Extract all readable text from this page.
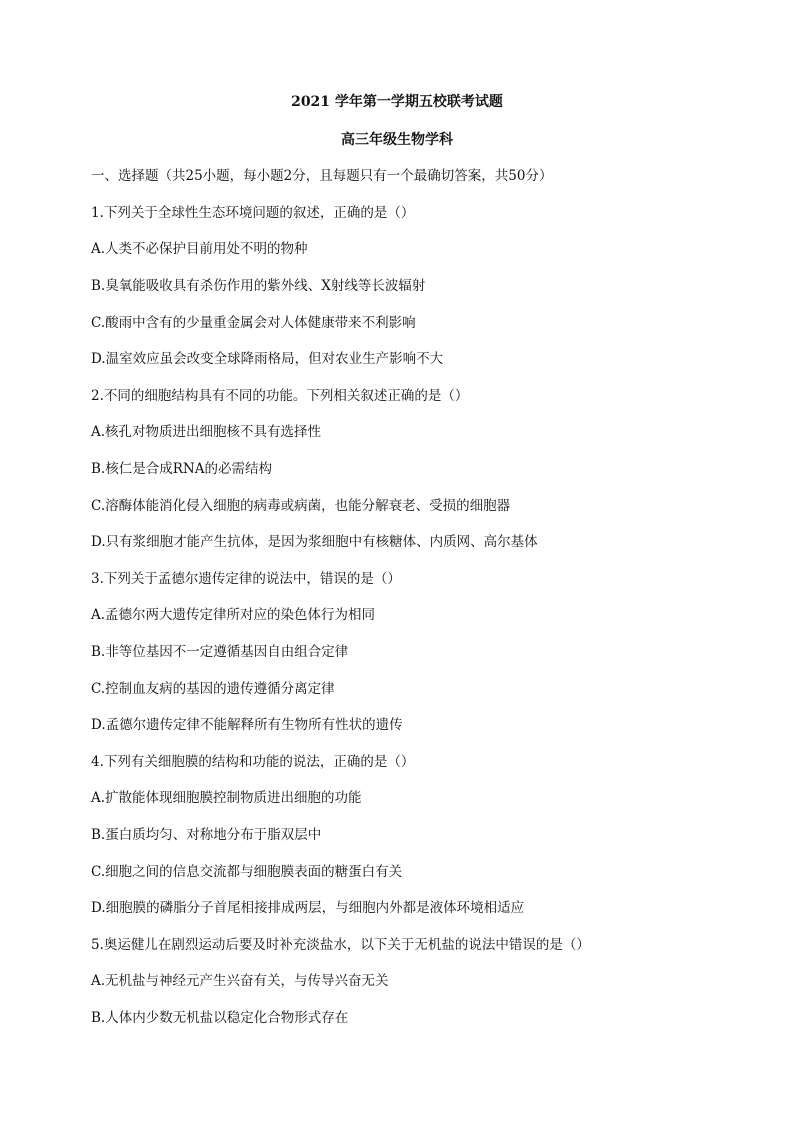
2021 学年第一学期五校联考试题
高三年级生物学科
一、选择题（共25小题，每小题2分，且每题只有一个最确切答案，共50分）
1.下列关于全球性生态环境问题的叙述，正确的是（）
A.人类不必保护目前用处不明的物种
B.臭氧能吸收具有杀伤作用的紫外线、X射线等长波辐射
C.酸雨中含有的少量重金属会对人体健康带来不利影响
D.温室效应虽会改变全球降雨格局，但对农业生产影响不大
2.不同的细胞结构具有不同的功能。下列相关叙述正确的是（）
A.核孔对物质进出细胞核不具有选择性
B.核仁是合成RNA的必需结构
C.溶酶体能消化侵入细胞的病毒或病菌，也能分解衰老、受损的细胞器
D.只有浆细胞才能产生抗体，是因为浆细胞中有核糖体、内质网、高尔基体
3.下列关于孟德尔遗传定律的说法中，错误的是（）
A.孟德尔两大遗传定律所对应的染色体行为相同
B.非等位基因不一定遵循基因自由组合定律
C.控制血友病的基因的遗传遵循分离定律
D.孟德尔遗传定律不能解释所有生物所有性状的遗传
4.下列有关细胞膜的结构和功能的说法，正确的是（）
A.扩散能体现细胞膜控制物质进出细胞的功能
B.蛋白质均匀、对称地分布于脂双层中
C.细胞之间的信息交流都与细胞膜表面的糖蛋白有关
D.细胞膜的磷脂分子首尾相接排成两层，与细胞内外都是液体环境相适应
5.奥运健儿在剧烈运动后要及时补充淡盐水，以下关于无机盐的说法中错误的是（）
A.无机盐与神经元产生兴奋有关，与传导兴奋无关
B.人体内少数无机盐以稳定化合物形式存在
